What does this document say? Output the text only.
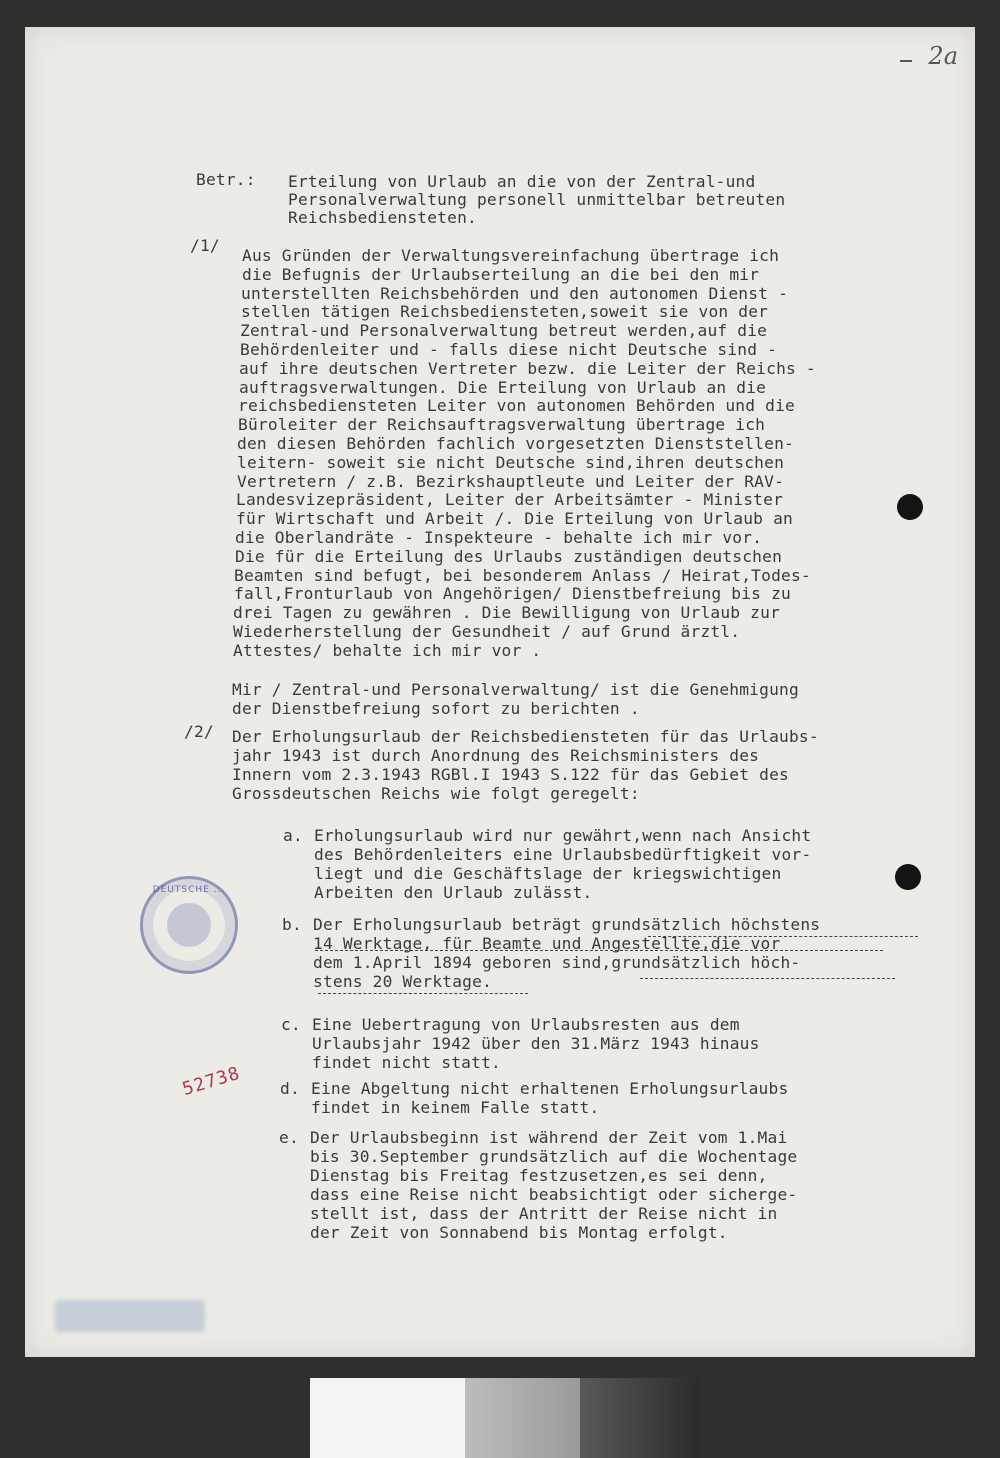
2a
DEUTSCHE ...
52738
Betr.: Erteilung von Urlaub an die von der Zentral-und
Personalverwaltung personell unmittelbar betreuten
Reichsbediensteten.
/1/
Aus Gründen der Verwaltungsvereinfachung übertrage ich
die Befugnis der Urlaubserteilung an die bei den mir
unterstellten Reichsbehörden und den autonomen Dienst -
stellen tätigen Reichsbediensteten,soweit sie von der
Zentral-und Personalverwaltung betreut werden,auf die
Behördenleiter und - falls diese nicht Deutsche sind -
auf ihre deutschen Vertreter bezw. die Leiter der Reichs -
auftragsverwaltungen. Die Erteilung von Urlaub an die
reichsbediensteten Leiter von autonomen Behörden und die
Büroleiter der Reichsauftragsverwaltung übertrage ich
den diesen Behörden fachlich vorgesetzten Dienststellen-
leitern- soweit sie nicht Deutsche sind,ihren deutschen
Vertretern / z.B. Bezirkshauptleute und Leiter der RAV-
Landesvizepräsident, Leiter der Arbeitsämter - Minister
für Wirtschaft und Arbeit /. Die Erteilung von Urlaub an
die Oberlandräte - Inspekteure - behalte ich mir vor.
Die für die Erteilung des Urlaubs zuständigen deutschen
Beamten sind befugt, bei besonderem Anlass / Heirat,Todes-
fall,Fronturlaub von Angehörigen/ Dienstbefreiung bis zu
drei Tagen zu gewähren . Die Bewilligung von Urlaub zur
Wiederherstellung der Gesundheit / auf Grund ärztl.
Attestes/ behalte ich mir vor .
Mir / Zentral-und Personalverwaltung/ ist die Genehmigung
der Dienstbefreiung sofort zu berichten .
/2/ Der Erholungsurlaub der Reichsbediensteten für das Urlaubs-
jahr 1943 ist durch Anordnung des Reichsministers des
Innern vom 2.3.1943 RGBl.I 1943 S.122 für das Gebiet des
Grossdeutschen Reichs wie folgt geregelt:
a. Erholungsurlaub wird nur gewährt,wenn nach Ansicht
des Behördenleiters eine Urlaubsbedürftigkeit vor-
liegt und die Geschäftslage der kriegswichtigen
Arbeiten den Urlaub zulässt.
b. Der Erholungsurlaub beträgt grundsätzlich höchstens
14 Werktage, für Beamte und Angestellte,die vor
dem 1.April 1894 geboren sind,grundsätzlich höch-
stens 20 Werktage.
c. Eine Uebertragung von Urlaubsresten aus dem
Urlaubsjahr 1942 über den 31.März 1943 hinaus
findet nicht statt.
d. Eine Abgeltung nicht erhaltenen Erholungsurlaubs
findet in keinem Falle statt.
e. Der Urlaubsbeginn ist während der Zeit vom 1.Mai
bis 30.September grundsätzlich auf die Wochentage
Dienstag bis Freitag festzusetzen,es sei denn,
dass eine Reise nicht beabsichtigt oder sicherge-
stellt ist, dass der Antritt der Reise nicht in
der Zeit von Sonnabend bis Montag erfolgt.
